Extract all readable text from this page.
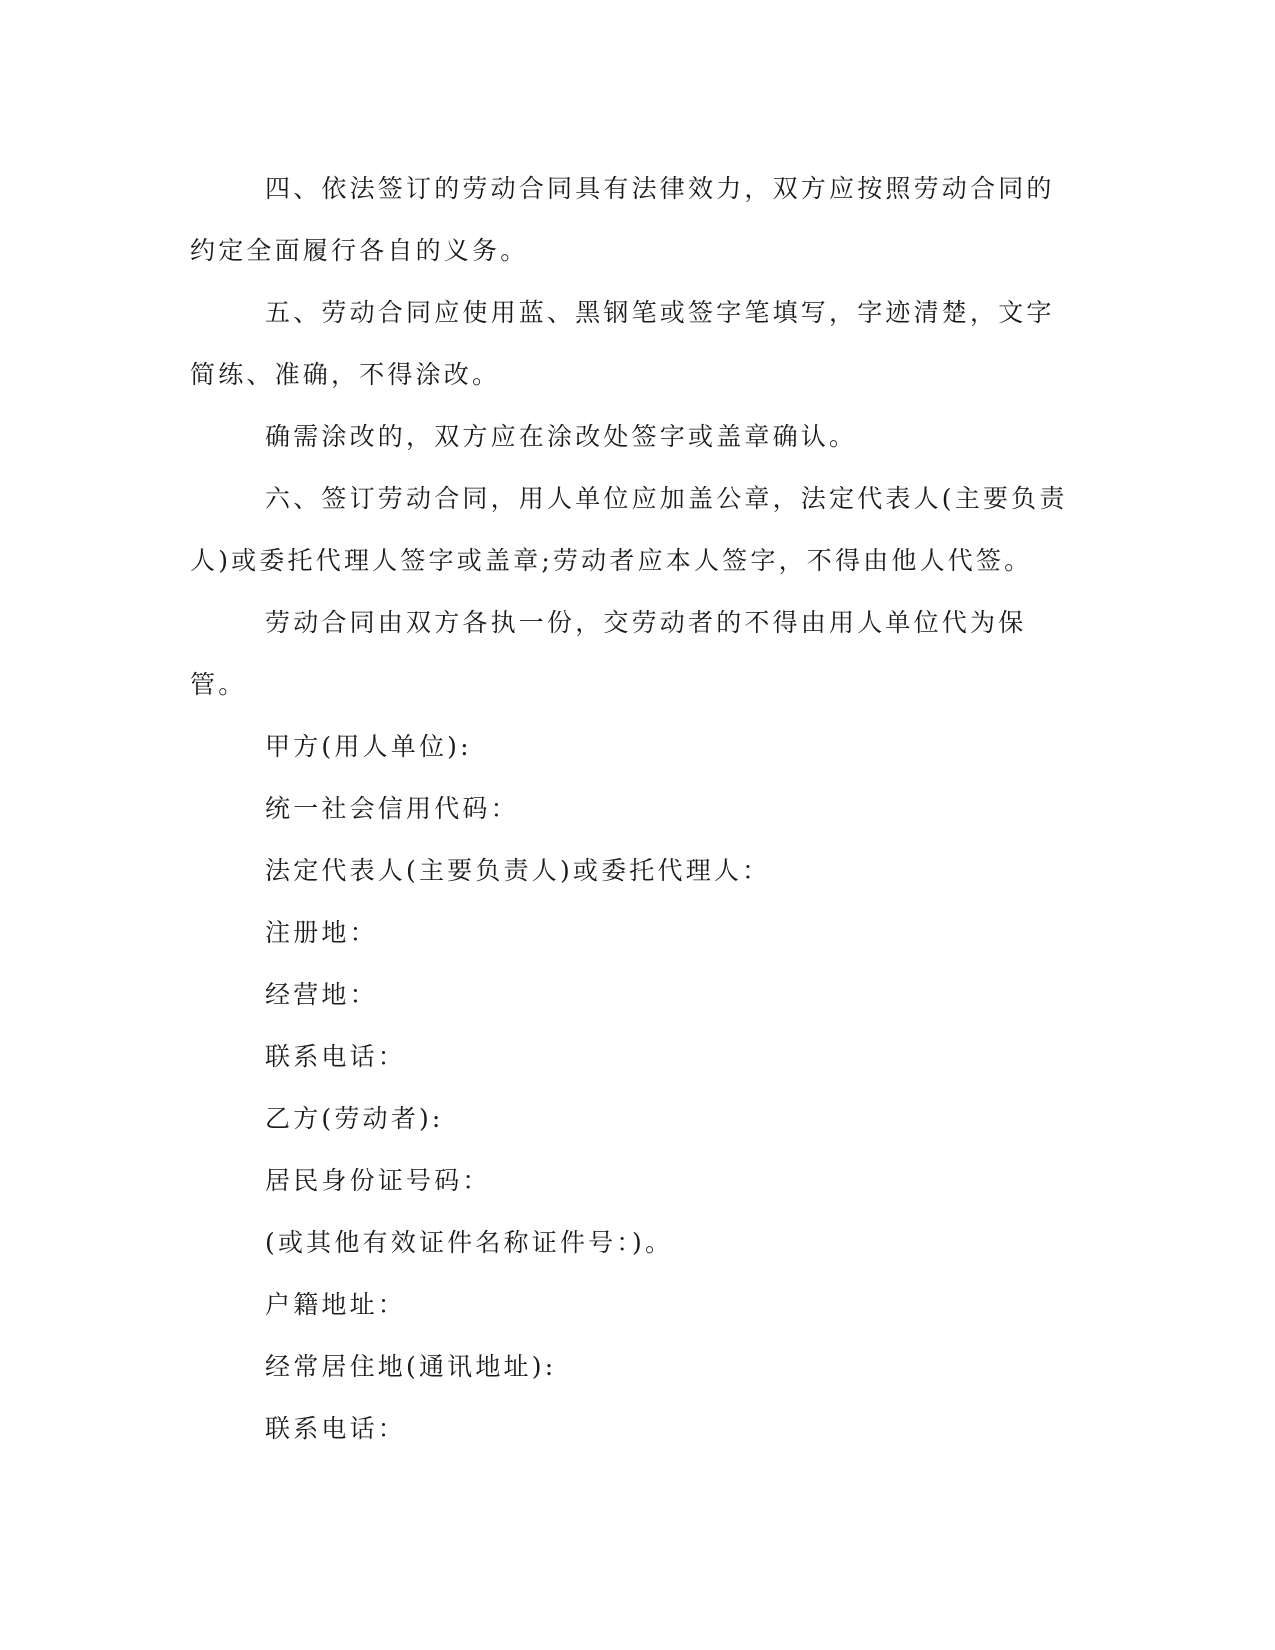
四、依法签订的劳动合同具有法律效力，双方应按照劳动合同的约定全面履行各自的义务。

五、劳动合同应使用蓝、黑钢笔或签字笔填写，字迹清楚，文字简练、准确，不得涂改。

确需涂改的，双方应在涂改处签字或盖章确认。

六、签订劳动合同，用人单位应加盖公章，法定代表人(主要负责人)或委托代理人签字或盖章;劳动者应本人签字，不得由他人代签。

劳动合同由双方各执一份，交劳动者的不得由用人单位代为保管。

甲方(用人单位):

统一社会信用代码：

法定代表人(主要负责人)或委托代理人：

注册地：

经营地：

联系电话：

乙方(劳动者):

居民身份证号码：

(或其他有效证件名称证件号：)。

户籍地址：

经常居住地(通讯地址):

联系电话：
